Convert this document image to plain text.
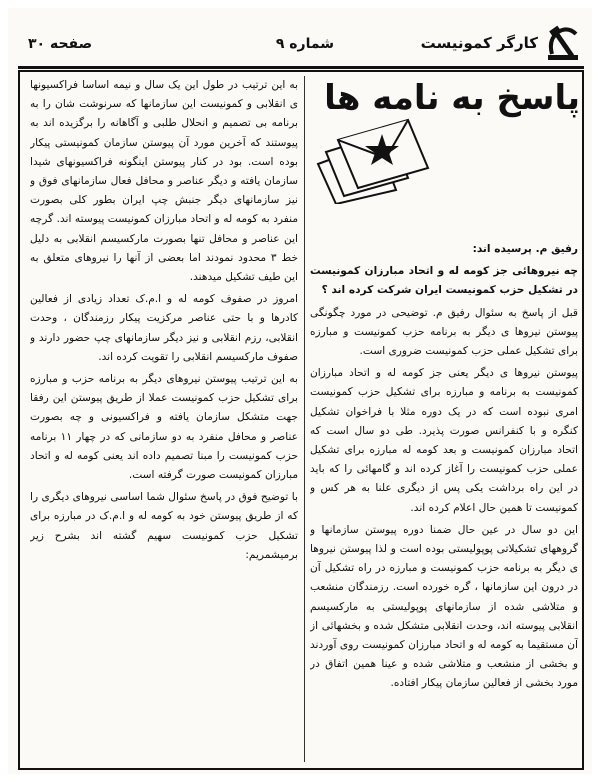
کارگر کمونیست
شماره ۹
صفحه ۳۰
پاسخ به نامه ها

رفیق م. پرسیده اند:

چه نیروهائی جز کومه له و اتحاد مبارزان کمونیست در تشکیل حزب کمونیست ایران شرکت کرده اند ؟

قبل از پاسخ به سئوال رفیق م. توضیحی در مورد چگونگی پیوستن نیروها ی دیگر به برنامه حزب کمونیست و مبارزه برای تشکیل عملی حزب کمونیست ضروری است.

پیوستن نیروها ی دیگر یعنی جز کومه له و اتحاد مبارزان کمونیست به برنامه و مبارزه برای تشکیل حزب کمونیست امری نبوده است که در یک دوره مثلا با فراخوان تشکیل کنگره و با کنفرانس صورت پذیرد. طی دو سال است که اتحاد مبارزان کمونیست و بعد کومه له مبارزه برای تشکیل عملی حزب کمونیست را آغاز کرده اند و گامهائی را که باید در این راه برداشت یکی پس از دیگری علنا به هر کس و کمونیست تا همین حال اعلام کرده اند.

این دو سال در عین حال ضمنا دوره پیوستن سازمانها و گروههای تشکیلاتی پوپولیستی بوده است و لذا پیوستن نیروها ی دیگر به برنامه حزب کمونیست و مبارزه در راه تشکیل آن در درون این سازمانها ، گره خورده است. رزمندگان منشعب و متلاشی شده از سازمانهای پوپولیستی به مارکسیسم انقلابی پیوسته اند، وحدت انقلابی متشکل شده و بخشهائی از آن مستقیما به کومه له و اتحاد مبارزان کمونیست روی آوردند و بخشی از منشعب و متلاشی شده و عینا همین اتفاق در مورد بخشی از فعالین سازمان پیکار افتاده.

به این ترتیب در طول این یک سال و نیمه اساسا فراکسیونها ی انقلابی و کمونیست این سازمانها که سرنوشت شان را به برنامه بی تصمیم و انحلال طلبی و آگاهانه را برگزیده اند به پیوستند که آخرین مورد آن پیوستن سازمان کمونیستی پیکار بوده است. بود در کنار پیوستن اینگونه فراکسیونهای شیدا سازمان یافته و دیگر عناصر و محافل فعال سازمانهای فوق و نیز سازمانهای دیگر جنبش چپ ایران بطور کلی بصورت منفرد به کومه له و اتحاد مبارزان کمونیست پیوسته اند. گرچه این عناصر و محافل تنها بصورت مارکسیسم انقلابی به دلیل خط ۳ محدود نمودند اما بعضی از آنها را نیروهای متعلق به این طیف تشکیل میدهند.

امروز در صفوف کومه له و ا.م.ک تعداد زیادی از فعالین کادرها و با حتی عناصر مرکزیت پیکار رزمندگان ، وحدت انقلابی، رزم انقلابی و نیز دیگر سازمانهای چپ حضور دارند و صفوف مارکسیسم انقلابی را تقویت کرده اند.

به این ترتیب پیوستن نیروهای دیگر به برنامه حزب و مبارزه برای تشکیل حزب کمونیست عملا از طریق پیوستن این رفقا جهت متشکل سازمان یافته و فراکسیونی و چه بصورت عناصر و محافل منفرد به دو سازمانی که در چهار ۱۱ برنامه حزب کمونیست را مبنا تصمیم داده اند یعنی کومه له و اتحاد مبارزان کمونیست صورت گرفته است.

با توضیح فوق در پاسخ سئوال شما اساسی نیروهای دیگری را که از طریق پیوستن خود به کومه له و ا.م.ک در مبارزه برای تشکیل حزب کمونیست سهیم گشته اند بشرح زیر برمیشمریم:
